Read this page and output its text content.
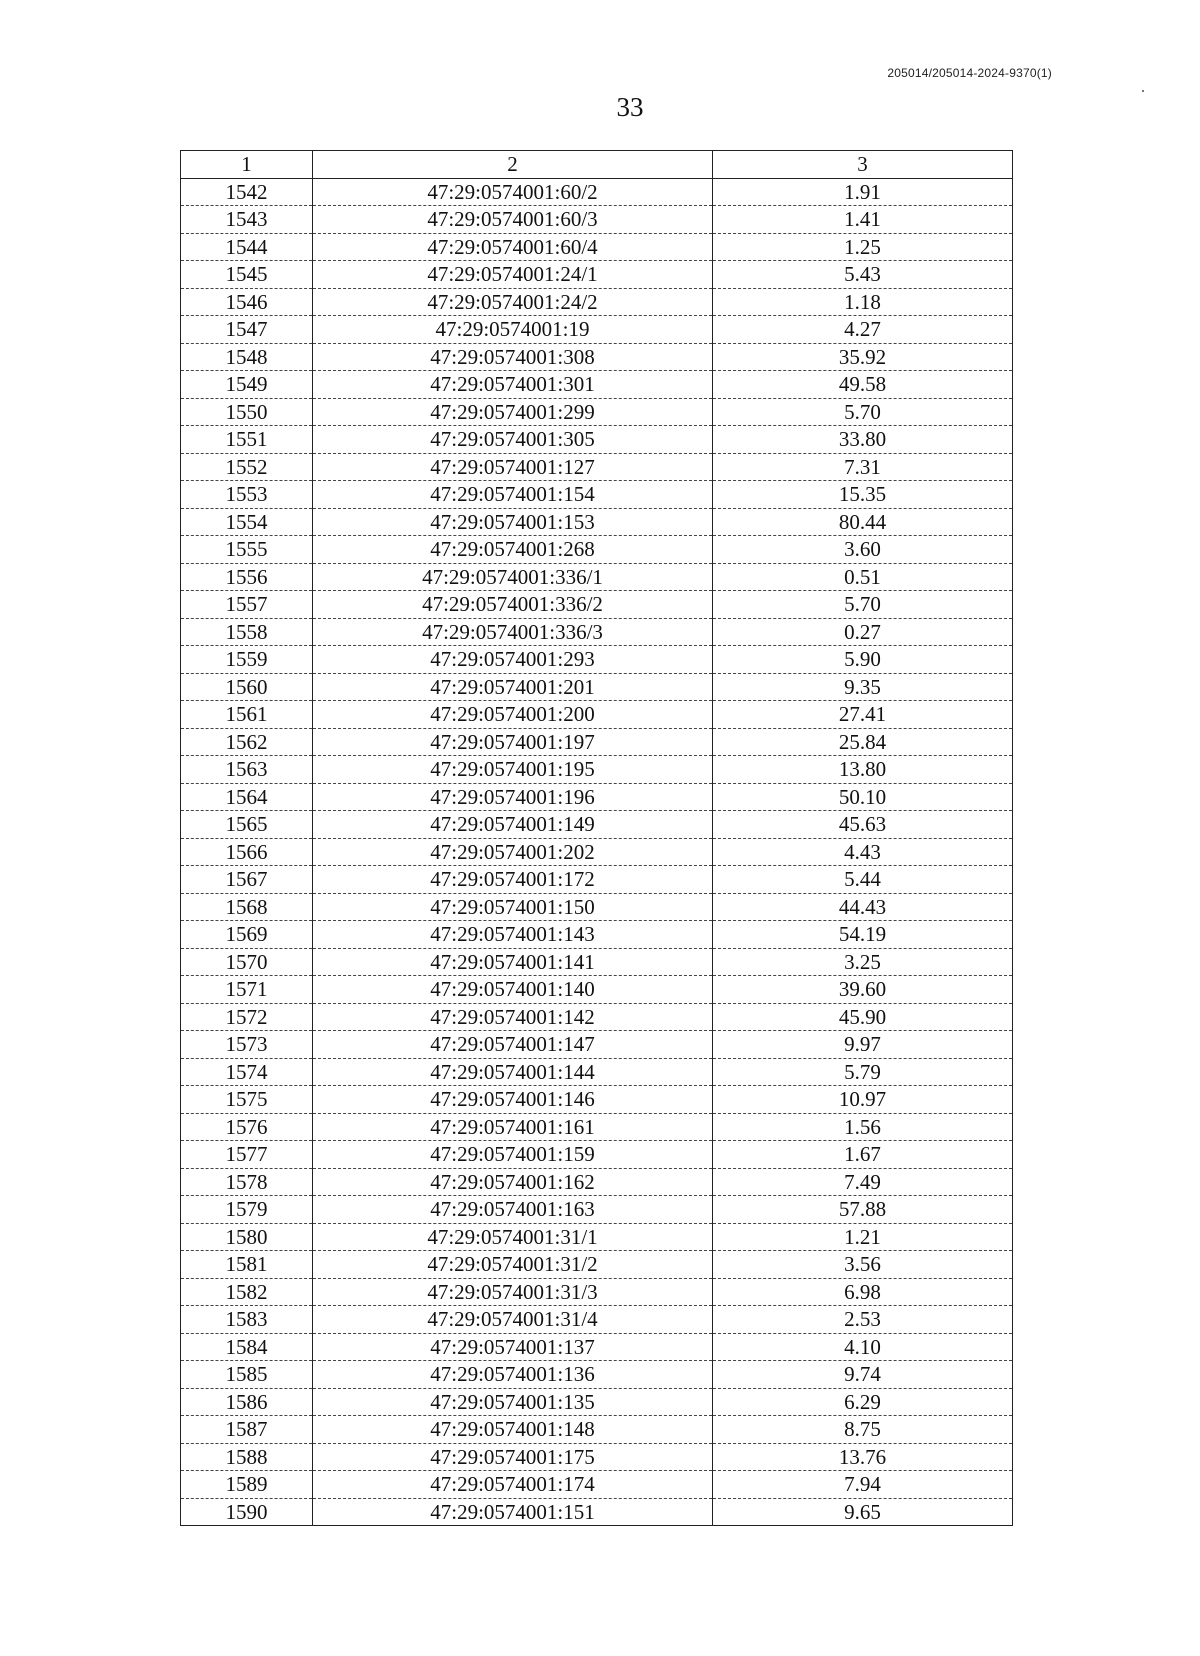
205014/205014-2024-9370(1)
33
1	2	3
1542	47:29:0574001:60/2	1.91
1543	47:29:0574001:60/3	1.41
1544	47:29:0574001:60/4	1.25
1545	47:29:0574001:24/1	5.43
1546	47:29:0574001:24/2	1.18
1547	47:29:0574001:19	4.27
1548	47:29:0574001:308	35.92
1549	47:29:0574001:301	49.58
1550	47:29:0574001:299	5.70
1551	47:29:0574001:305	33.80
1552	47:29:0574001:127	7.31
1553	47:29:0574001:154	15.35
1554	47:29:0574001:153	80.44
1555	47:29:0574001:268	3.60
1556	47:29:0574001:336/1	0.51
1557	47:29:0574001:336/2	5.70
1558	47:29:0574001:336/3	0.27
1559	47:29:0574001:293	5.90
1560	47:29:0574001:201	9.35
1561	47:29:0574001:200	27.41
1562	47:29:0574001:197	25.84
1563	47:29:0574001:195	13.80
1564	47:29:0574001:196	50.10
1565	47:29:0574001:149	45.63
1566	47:29:0574001:202	4.43
1567	47:29:0574001:172	5.44
1568	47:29:0574001:150	44.43
1569	47:29:0574001:143	54.19
1570	47:29:0574001:141	3.25
1571	47:29:0574001:140	39.60
1572	47:29:0574001:142	45.90
1573	47:29:0574001:147	9.97
1574	47:29:0574001:144	5.79
1575	47:29:0574001:146	10.97
1576	47:29:0574001:161	1.56
1577	47:29:0574001:159	1.67
1578	47:29:0574001:162	7.49
1579	47:29:0574001:163	57.88
1580	47:29:0574001:31/1	1.21
1581	47:29:0574001:31/2	3.56
1582	47:29:0574001:31/3	6.98
1583	47:29:0574001:31/4	2.53
1584	47:29:0574001:137	4.10
1585	47:29:0574001:136	9.74
1586	47:29:0574001:135	6.29
1587	47:29:0574001:148	8.75
1588	47:29:0574001:175	13.76
1589	47:29:0574001:174	7.94
1590	47:29:0574001:151	9.65
